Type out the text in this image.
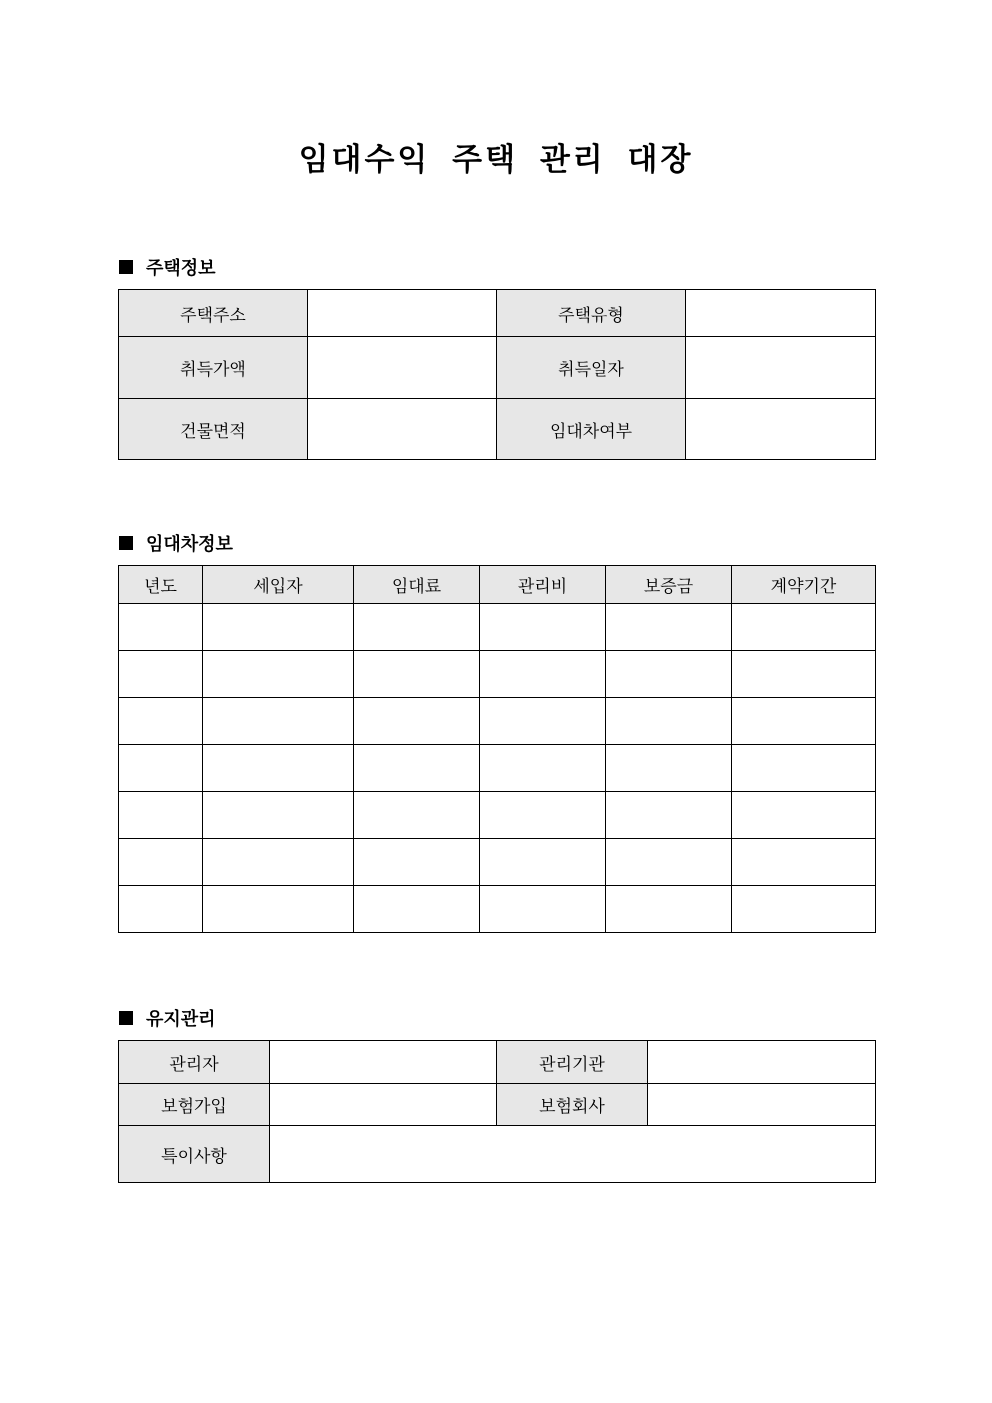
임대수익 주택 관리 대장
주택정보
주택주소		주택유형	
취득가액		취득일자	
건물면적		임대차여부	
임대차정보
년도	세입자	임대료	관리비	보증금	계약기간

유지관리
관리자		관리기관	
보험가입		보험회사	
특이사항			
